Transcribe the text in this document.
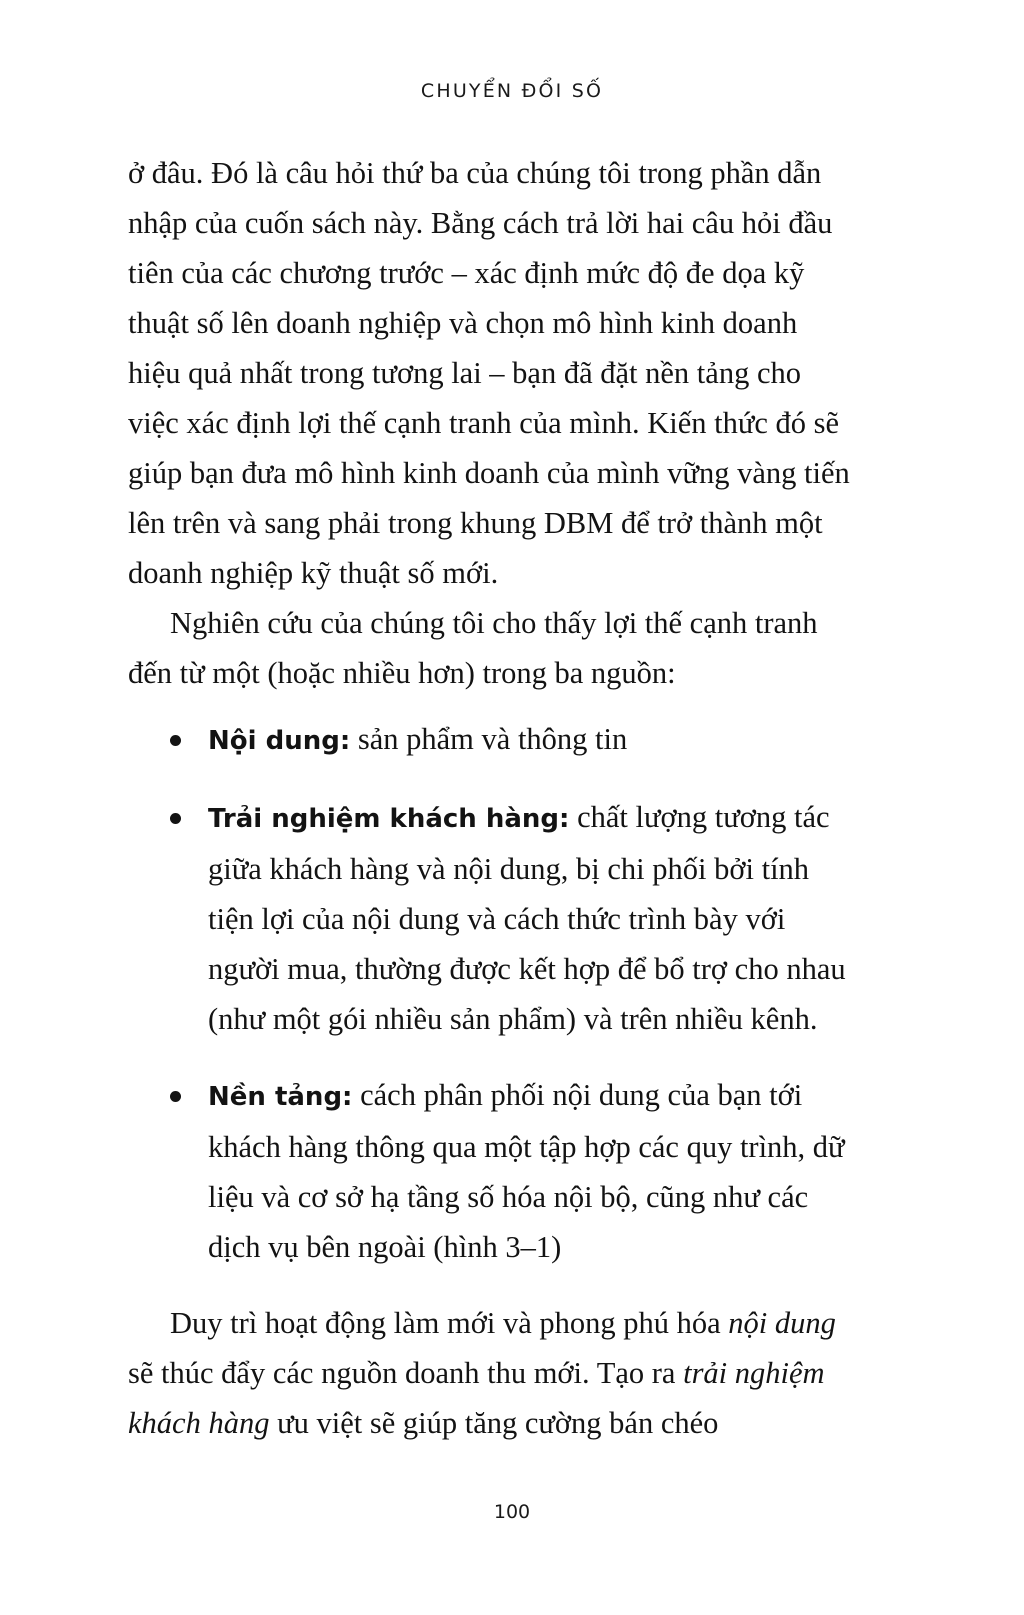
CHUYỂN ĐỔI SỐ

ở đâu. Đó là câu hỏi thứ ba của chúng tôi trong phần dẫn nhập của cuốn sách này. Bằng cách trả lời hai câu hỏi đầu tiên của các chương trước – xác định mức độ đe dọa kỹ thuật số lên doanh nghiệp và chọn mô hình kinh doanh hiệu quả nhất trong tương lai – bạn đã đặt nền tảng cho việc xác định lợi thế cạnh tranh của mình. Kiến thức đó sẽ giúp bạn đưa mô hình kinh doanh của mình vững vàng tiến lên trên và sang phải trong khung DBM để trở thành một doanh nghiệp kỹ thuật số mới.

Nghiên cứu của chúng tôi cho thấy lợi thế cạnh tranh đến từ một (hoặc nhiều hơn) trong ba nguồn:

Nội dung: sản phẩm và thông tin
Trải nghiệm khách hàng: chất lượng tương tác giữa khách hàng và nội dung, bị chi phối bởi tính tiện lợi của nội dung và cách thức trình bày với người mua, thường được kết hợp để bổ trợ cho nhau (như một gói nhiều sản phẩm) và trên nhiều kênh.
Nền tảng: cách phân phối nội dung của bạn tới khách hàng thông qua một tập hợp các quy trình, dữ liệu và cơ sở hạ tầng số hóa nội bộ, cũng như các dịch vụ bên ngoài (hình 3–1)

Duy trì hoạt động làm mới và phong phú hóa nội dung sẽ thúc đẩy các nguồn doanh thu mới. Tạo ra trải nghiệm khách hàng ưu việt sẽ giúp tăng cường bán chéo

100
